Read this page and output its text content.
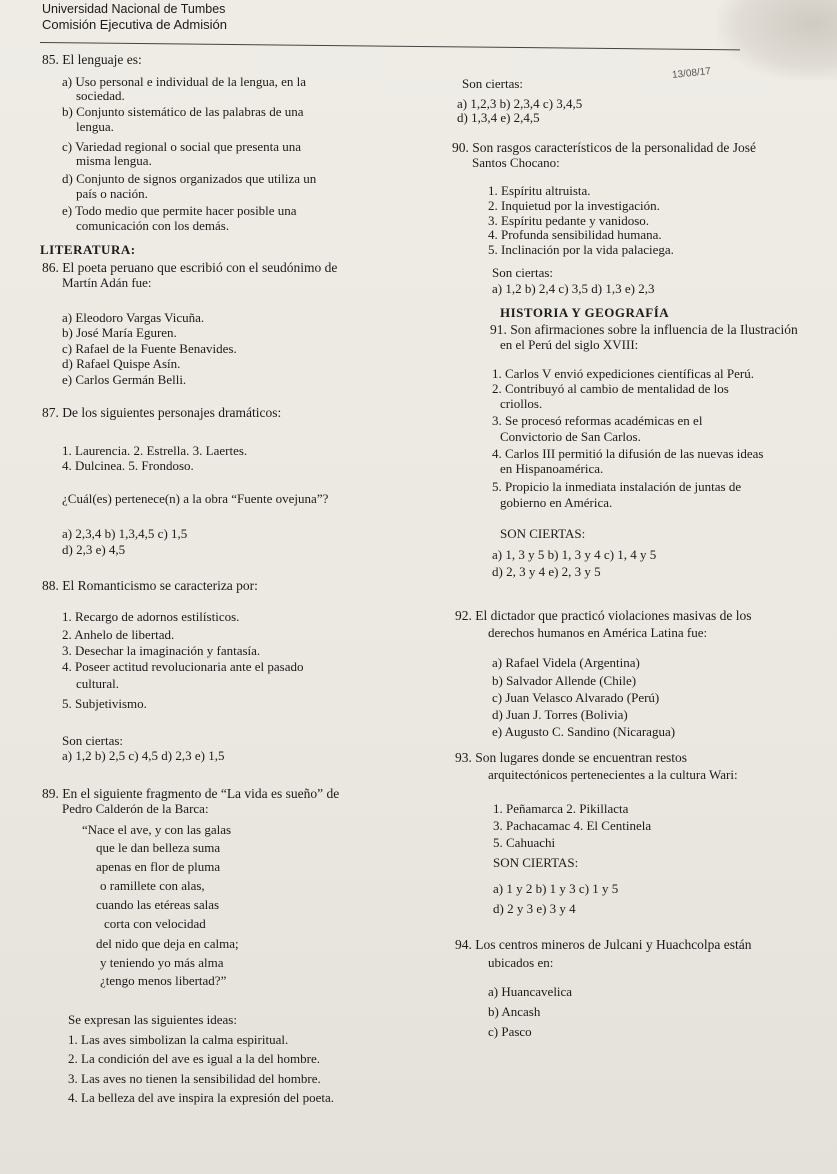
Universidad Nacional de Tumbes
Comisión Ejecutiva de Admisión
13/08/17
85. El lenguaje es:
a) Uso personal e individual de la lengua, en la
sociedad.
b) Conjunto sistemático de las palabras de una
lengua.
c) Variedad regional o social que presenta una
misma lengua.
d) Conjunto de signos organizados que utiliza un
país o nación.
e) Todo medio que permite hacer posible una
comunicación con los demás.
LITERATURA:
86. El poeta peruano que escribió con el seudónimo de
Martín Adán fue:
a) Eleodoro Vargas Vicuña.
b) José María Eguren.
c) Rafael de la Fuente Benavides.
d) Rafael Quispe Asín.
e) Carlos Germán Belli.
87. De los siguientes personajes dramáticos:
1. Laurencia. 2. Estrella. 3. Laertes.
4. Dulcinea. 5. Frondoso.
¿Cuál(es) pertenece(n) a la obra “Fuente ovejuna”?
a) 2,3,4 b) 1,3,4,5 c) 1,5
d) 2,3 e) 4,5
88. El Romanticismo se caracteriza por:
1. Recargo de adornos estilísticos.
2. Anhelo de libertad.
3. Desechar la imaginación y fantasía.
4. Poseer actitud revolucionaria ante el pasado
cultural.
5. Subjetivismo.
Son ciertas:
a) 1,2 b) 2,5 c) 4,5 d) 2,3 e) 1,5
89. En el siguiente fragmento de “La vida es sueño” de
Pedro Calderón de la Barca:
“Nace el ave, y con las galas
que le dan belleza suma
apenas en flor de pluma
o ramillete con alas,
cuando las etéreas salas
corta con velocidad
del nido que deja en calma;
y teniendo yo más alma
¿tengo menos libertad?”
Se expresan las siguientes ideas:
1. Las aves simbolizan la calma espiritual.
2. La condición del ave es igual a la del hombre.
3. Las aves no tienen la sensibilidad del hombre.
4. La belleza del ave inspira la expresión del poeta.
Son ciertas:
a) 1,2,3 b) 2,3,4 c) 3,4,5
d) 1,3,4 e) 2,4,5
90. Son rasgos característicos de la personalidad de José
Santos Chocano:
1. Espíritu altruista.
2. Inquietud por la investigación.
3. Espíritu pedante y vanidoso.
4. Profunda sensibilidad humana.
5. Inclinación por la vida palaciega.
Son ciertas:
a) 1,2 b) 2,4 c) 3,5 d) 1,3 e) 2,3
HISTORIA Y GEOGRAFÍA
91. Son afirmaciones sobre la influencia de la Ilustración
en el Perú del siglo XVIII:
1. Carlos V envió expediciones científicas al Perú.
2. Contribuyó al cambio de mentalidad de los
criollos.
3. Se procesó reformas académicas en el
Convictorio de San Carlos.
4. Carlos III permitió la difusión de las nuevas ideas
en Hispanoamérica.
5. Propicio la inmediata instalación de juntas de
gobierno en América.
SON CIERTAS:
a) 1, 3 y 5 b) 1, 3 y 4 c) 1, 4 y 5
d) 2, 3 y 4 e) 2, 3 y 5
92. El dictador que practicó violaciones masivas de los
derechos humanos en América Latina fue:
a) Rafael Videla (Argentina)
b) Salvador Allende (Chile)
c) Juan Velasco Alvarado (Perú)
d) Juan J. Torres (Bolivia)
e) Augusto C. Sandino (Nicaragua)
93. Son lugares donde se encuentran restos
arquitectónicos pertenecientes a la cultura Wari:
1. Peñamarca 2. Pikillacta
3. Pachacamac 4. El Centinela
5. Cahuachi
SON CIERTAS:
a) 1 y 2 b) 1 y 3 c) 1 y 5
d) 2 y 3 e) 3 y 4
94. Los centros mineros de Julcani y Huachcolpa están
ubicados en:
a) Huancavelica
b) Ancash
c) Pasco
